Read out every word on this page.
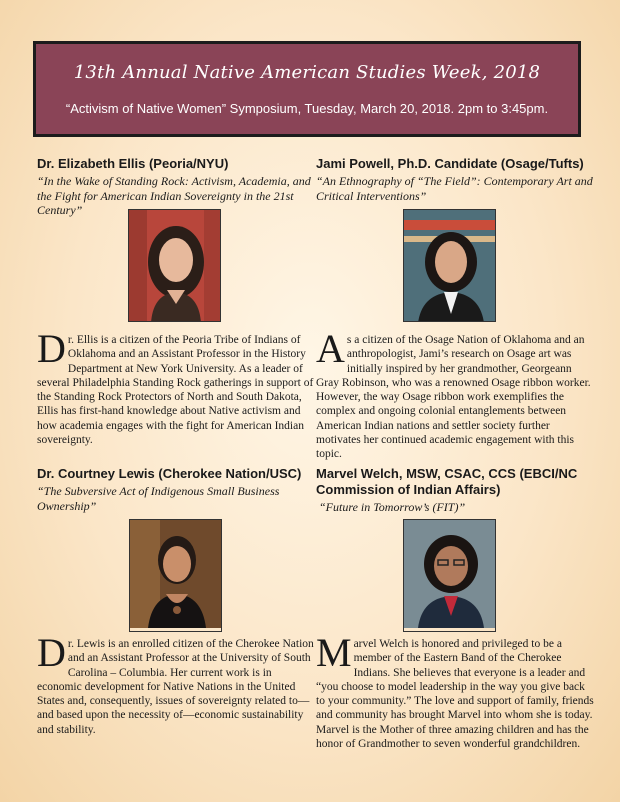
13th Annual Native American Studies Week, 2018
“Activism of Native Women” Symposium, Tuesday, March 20, 2018. 2pm to 3:45pm.

Dr. Elizabeth Ellis (Peoria/NYU)

“In the Wake of Standing Rock: Activism, Academia, and the Fight for American Indian Sovereignty in the 21st Century”

Dr. Ellis is a citizen of the Peoria Tribe of Indians of Oklahoma and an Assistant Professor in the History Department at New York University. As a leader of several Philadelphia Standing Rock gatherings in support of the Standing Rock Protectors of North and South Dakota, Ellis has first-hand knowledge about Native activism and how academia engages with the fight for American Indian sovereignty.

Dr. Courtney Lewis (Cherokee Nation/USC)

“The Subversive Act of Indigenous Small Business Ownership”

Dr. Lewis is an enrolled citizen of the Cherokee Nation and an Assistant Professor at the University of South Carolina – Columbia. Her current work is in economic development for Native Nations in the United States and, consequently, issues of sovereignty related to—and based upon the necessity of—economic sustainability and stability.

Jami Powell, Ph.D. Candidate (Osage/Tufts)

“An Ethnography of “The Field”: Contemporary Art and Critical Interventions”

As a citizen of the Osage Nation of Oklahoma and an anthropologist, Jami’s research on Osage art was initially inspired by her grandmother, Georgeann Gray Robinson, who was a renowned Osage ribbon worker. However, the way Osage ribbon work exemplifies the complex and ongoing colonial entanglements between American Indian nations and settler society further motivates her continued academic engagement with this topic.

Marvel Welch, MSW, CSAC, CCS (EBCI/NC Commission of Indian Affairs)

“Future in Tomorrow’s (FIT)”

Marvel Welch is honored and privileged to be a member of the Eastern Band of the Cherokee Indians. She believes that everyone is a leader and “you choose to model leadership in the way you give back to your community.” The love and support of family, friends and community has brought Marvel into whom she is today. Marvel is the Mother of three amazing children and has the honor of Grandmother to seven wonderful grandchildren.
